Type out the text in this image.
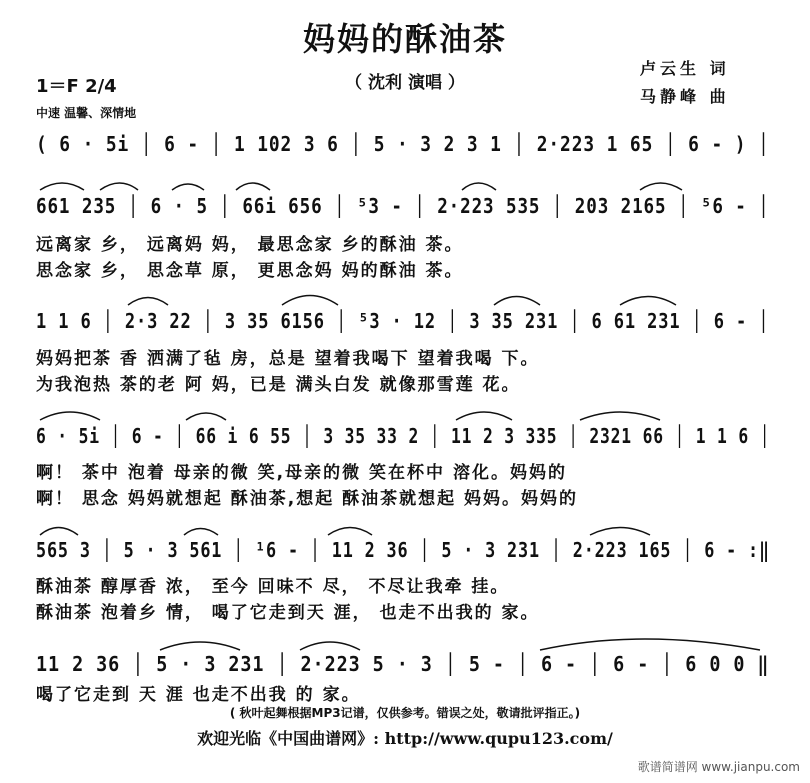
妈妈的酥油茶
（ 沈利 演唱 ）
卢云生 词
马静峰 曲
1＝F 2/4
中速 温馨、深情地
( 6 · 5i │ 6 - │ 1 102 3 6 │ 5 · 3 2 3 1 │ 2·223 1 65 │ 6 - ) │
661 235 │ 6 · 5 │ 66i 656 │ ⁵3 - │ 2·223 535 │ 203 2165 │ ⁵6 - │
远离家 乡， 远离妈 妈， 最思念家 乡的酥油 茶。
思念家 乡， 思念草 原， 更思念妈 妈的酥油 茶。
1 1 6 │ 2·3 22 │ 3 35 6156 │ ⁵3 · 12 │ 3 35 231 │ 6 61 231 │ 6 - │
妈妈把茶 香 洒满了毡 房，总是 望着我喝下 望着我喝 下。
为我泡热 茶的老 阿 妈，已是 满头白发 就像那雪莲 花。
6 · 5i │ 6 - │ 66 i 6 55 │ 3 35 33 2 │ 11 2 3 335 │ 2321 66 │ 1 1 6 │
啊！ 茶中 泡着 母亲的微 笑,母亲的微 笑在杯中 溶化。妈妈的
啊！ 思念 妈妈就想起 酥油茶,想起 酥油茶就想起 妈妈。妈妈的
565 3 │ 5 · 3 561 │ ¹6 - │ 11 2 36 │ 5 · 3 231 │ 2·223 165 │ 6 - :‖
酥油茶 醇厚香 浓， 至今 回味不 尽， 不尽让我牵 挂。
酥油茶 泡着乡 情， 喝了它走到天 涯， 也走不出我的 家。
11 2 36 │ 5 · 3 231 │ 2·223 5 · 3 │ 5 - │ 6 - │ 6 - │ 6 0 0 ‖
喝了它走到 天 涯 也走不出我 的 家。
( 秋叶起舞根据MP3记谱，仅供参考。错误之处，敬请批评指正。)
欢迎光临《中国曲谱网》: http://www.qupu123.com/
歌谱简谱网 www.jianpu.com
